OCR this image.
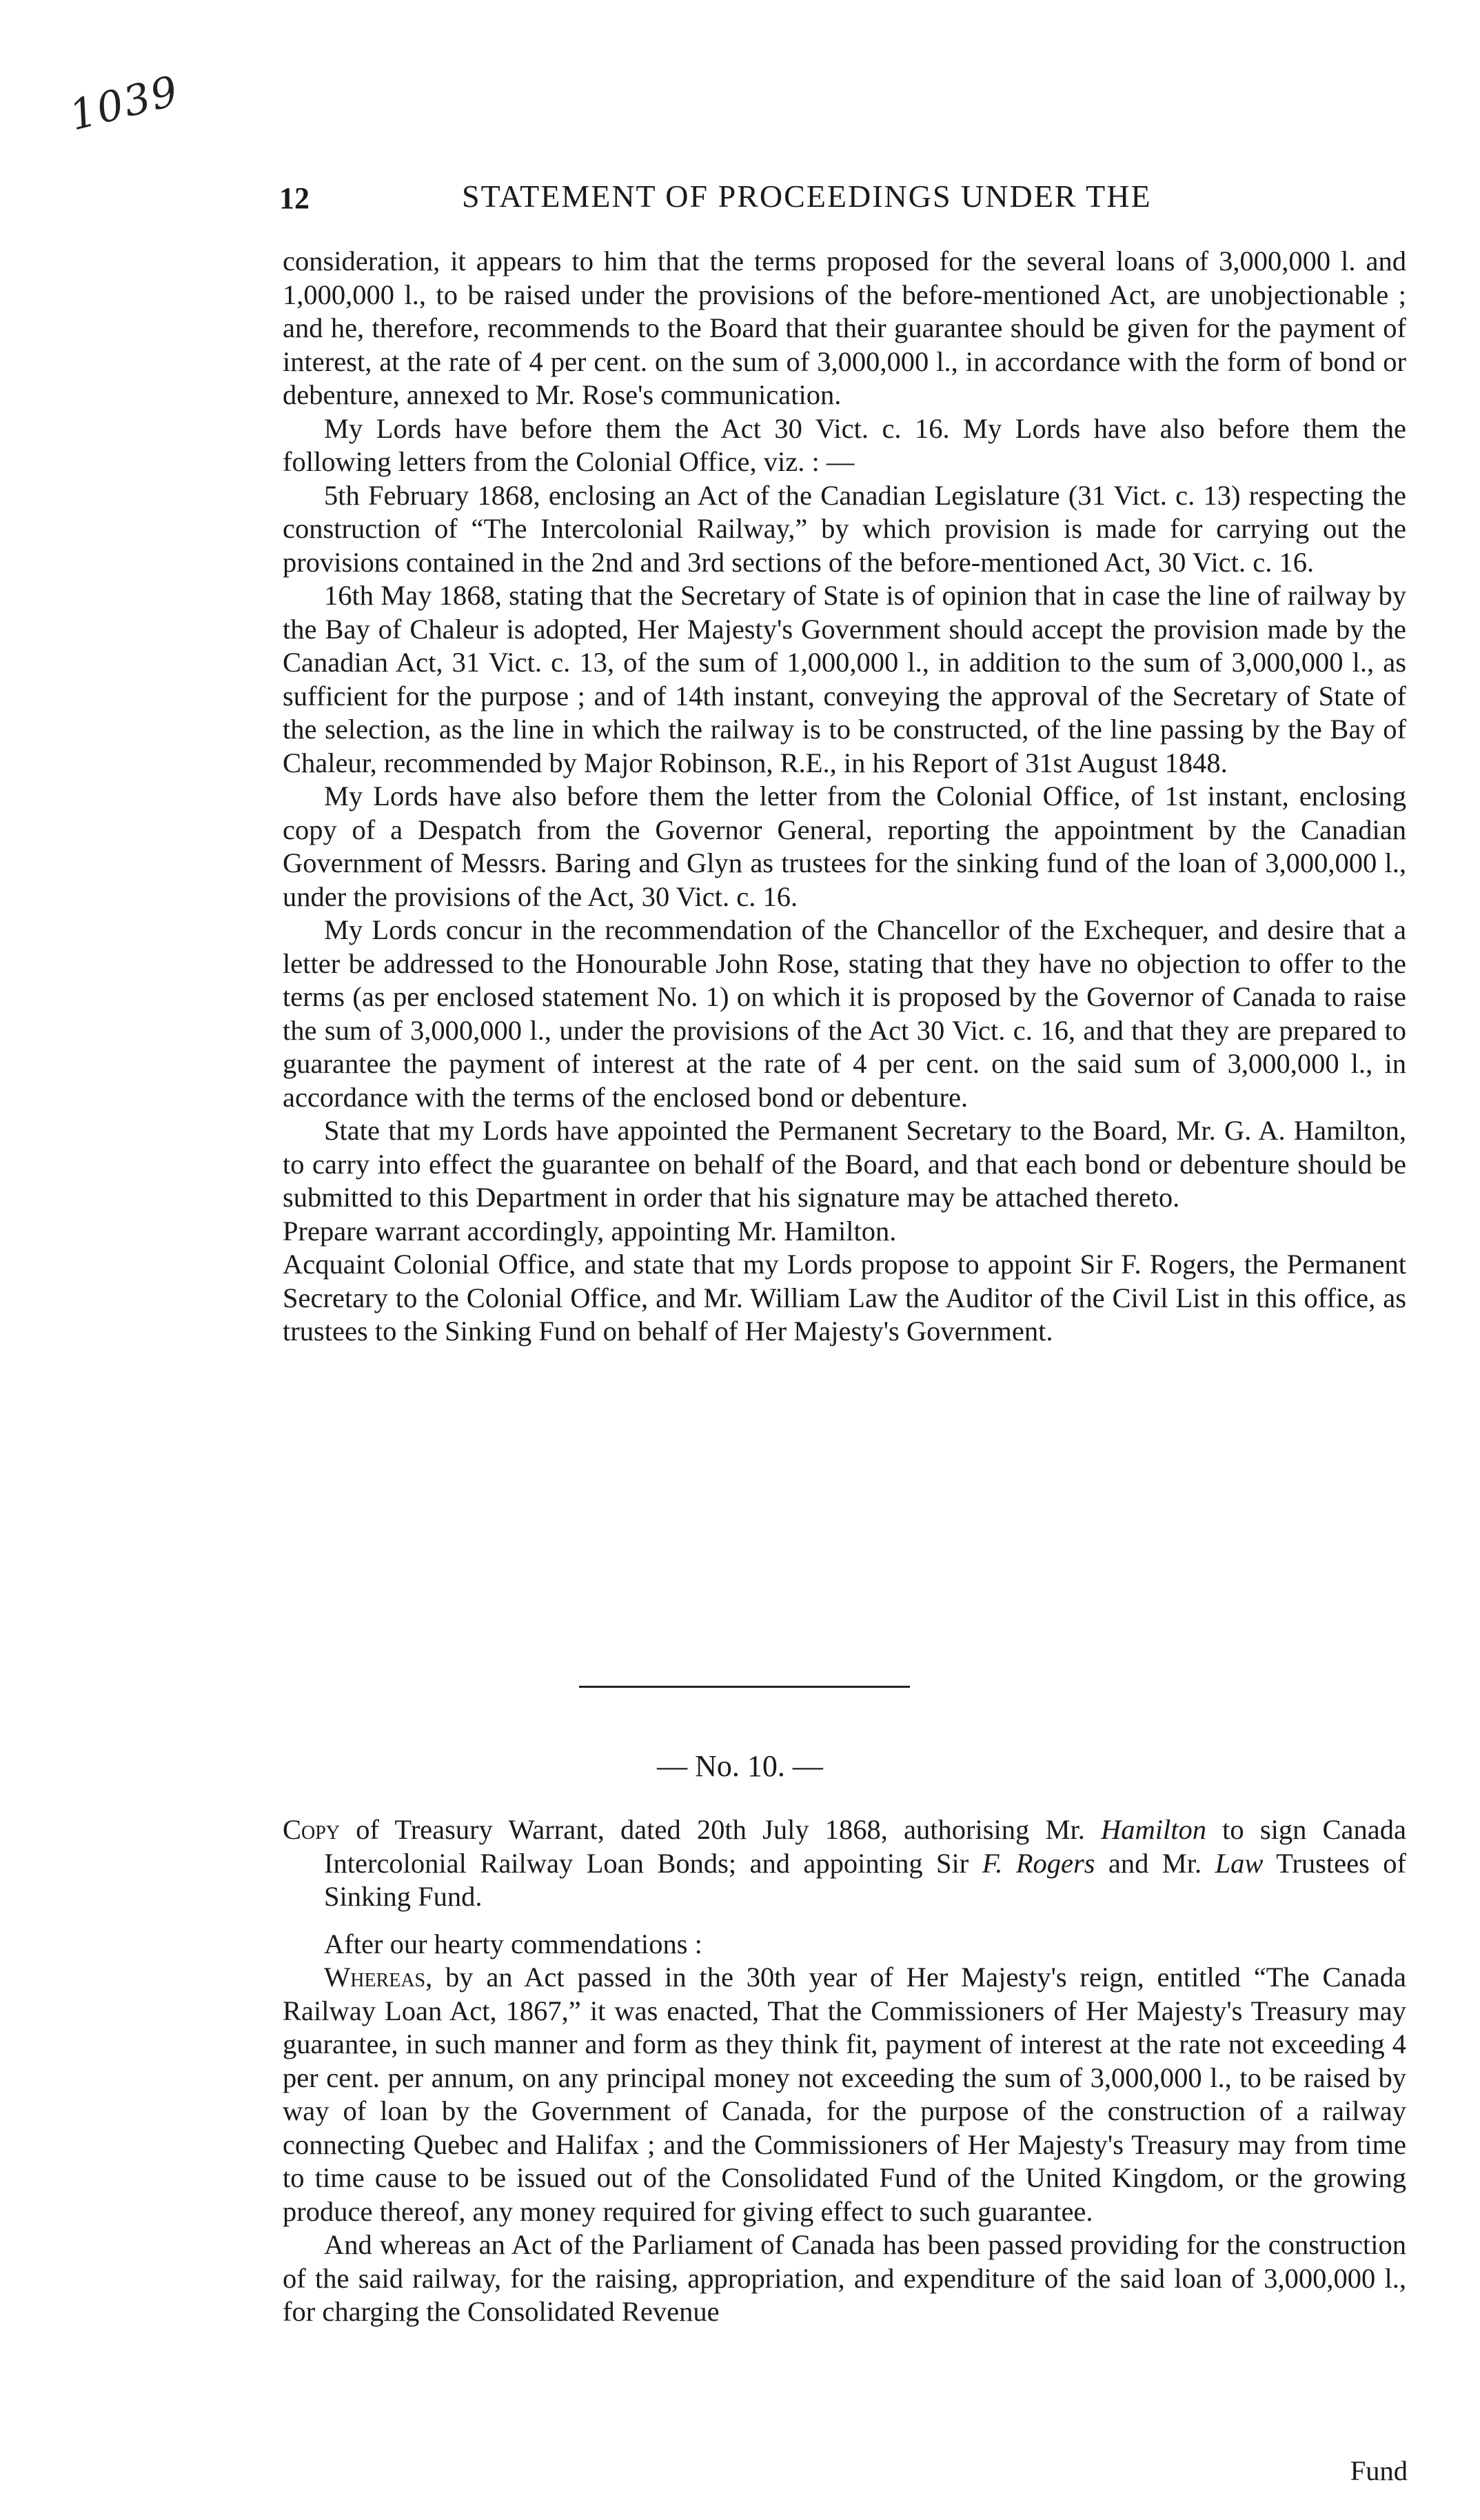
1039
12	STATEMENT OF PROCEEDINGS UNDER THE

consideration, it appears to him that the terms proposed for the several loans of 3,000,000 l. and 1,000,000 l., to be raised under the provisions of the before-mentioned Act, are unobjectionable ; and he, therefore, recommends to the Board that their guarantee should be given for the payment of interest, at the rate of 4 per cent. on the sum of 3,000,000 l., in accordance with the form of bond or debenture, annexed to Mr. Rose's communication.

My Lords have before them the Act 30 Vict. c. 16. My Lords have also before them the following letters from the Colonial Office, viz. : —

5th February 1868, enclosing an Act of the Canadian Legislature (31 Vict. c. 13) respecting the construction of “The Intercolonial Railway,” by which provision is made for carrying out the provisions contained in the 2nd and 3rd sections of the before-mentioned Act, 30 Vict. c. 16.

16th May 1868, stating that the Secretary of State is of opinion that in case the line of railway by the Bay of Chaleur is adopted, Her Majesty's Government should accept the provision made by the Canadian Act, 31 Vict. c. 13, of the sum of 1,000,000 l., in addition to the sum of 3,000,000 l., as sufficient for the purpose ; and of 14th instant, conveying the approval of the Secretary of State of the selection, as the line in which the railway is to be constructed, of the line passing by the Bay of Chaleur, recommended by Major Robinson, R.E., in his Report of 31st August 1848.

My Lords have also before them the letter from the Colonial Office, of 1st instant, enclosing copy of a Despatch from the Governor General, reporting the appointment by the Canadian Government of Messrs. Baring and Glyn as trustees for the sinking fund of the loan of 3,000,000 l., under the provisions of the Act, 30 Vict. c. 16.

My Lords concur in the recommendation of the Chancellor of the Exchequer, and desire that a letter be addressed to the Honourable John Rose, stating that they have no objection to offer to the terms (as per enclosed statement No. 1) on which it is proposed by the Governor of Canada to raise the sum of 3,000,000 l., under the provisions of the Act 30 Vict. c. 16, and that they are prepared to guarantee the payment of interest at the rate of 4 per cent. on the said sum of 3,000,000 l., in accordance with the terms of the enclosed bond or debenture.

State that my Lords have appointed the Permanent Secretary to the Board, Mr. G. A. Hamilton, to carry into effect the guarantee on behalf of the Board, and that each bond or debenture should be submitted to this Department in order that his signature may be attached thereto.

Prepare warrant accordingly, appointing Mr. Hamilton.

Acquaint Colonial Office, and state that my Lords propose to appoint Sir F. Rogers, the Permanent Secretary to the Colonial Office, and Mr. William Law the Auditor of the Civil List in this office, as trustees to the Sinking Fund on behalf of Her Majesty's Government.

— No. 10. —

Copy of Treasury Warrant, dated 20th July 1868, authorising Mr. Hamilton to sign Canada Intercolonial Railway Loan Bonds; and appointing Sir F. Rogers and Mr. Law Trustees of Sinking Fund.

After our hearty commendations :

Whereas, by an Act passed in the 30th year of Her Majesty's reign, entitled “The Canada Railway Loan Act, 1867,” it was enacted, That the Commissioners of Her Majesty's Treasury may guarantee, in such manner and form as they think fit, payment of interest at the rate not exceeding 4 per cent. per annum, on any principal money not exceeding the sum of 3,000,000 l., to be raised by way of loan by the Government of Canada, for the purpose of the construction of a railway connecting Quebec and Halifax ; and the Commissioners of Her Majesty's Treasury may from time to time cause to be issued out of the Consolidated Fund of the United Kingdom, or the growing produce thereof, any money required for giving effect to such guarantee.

And whereas an Act of the Parliament of Canada has been passed providing for the construction of the said railway, for the raising, appropriation, and expenditure of the said loan of 3,000,000 l., for charging the Consolidated Revenue

Fund
